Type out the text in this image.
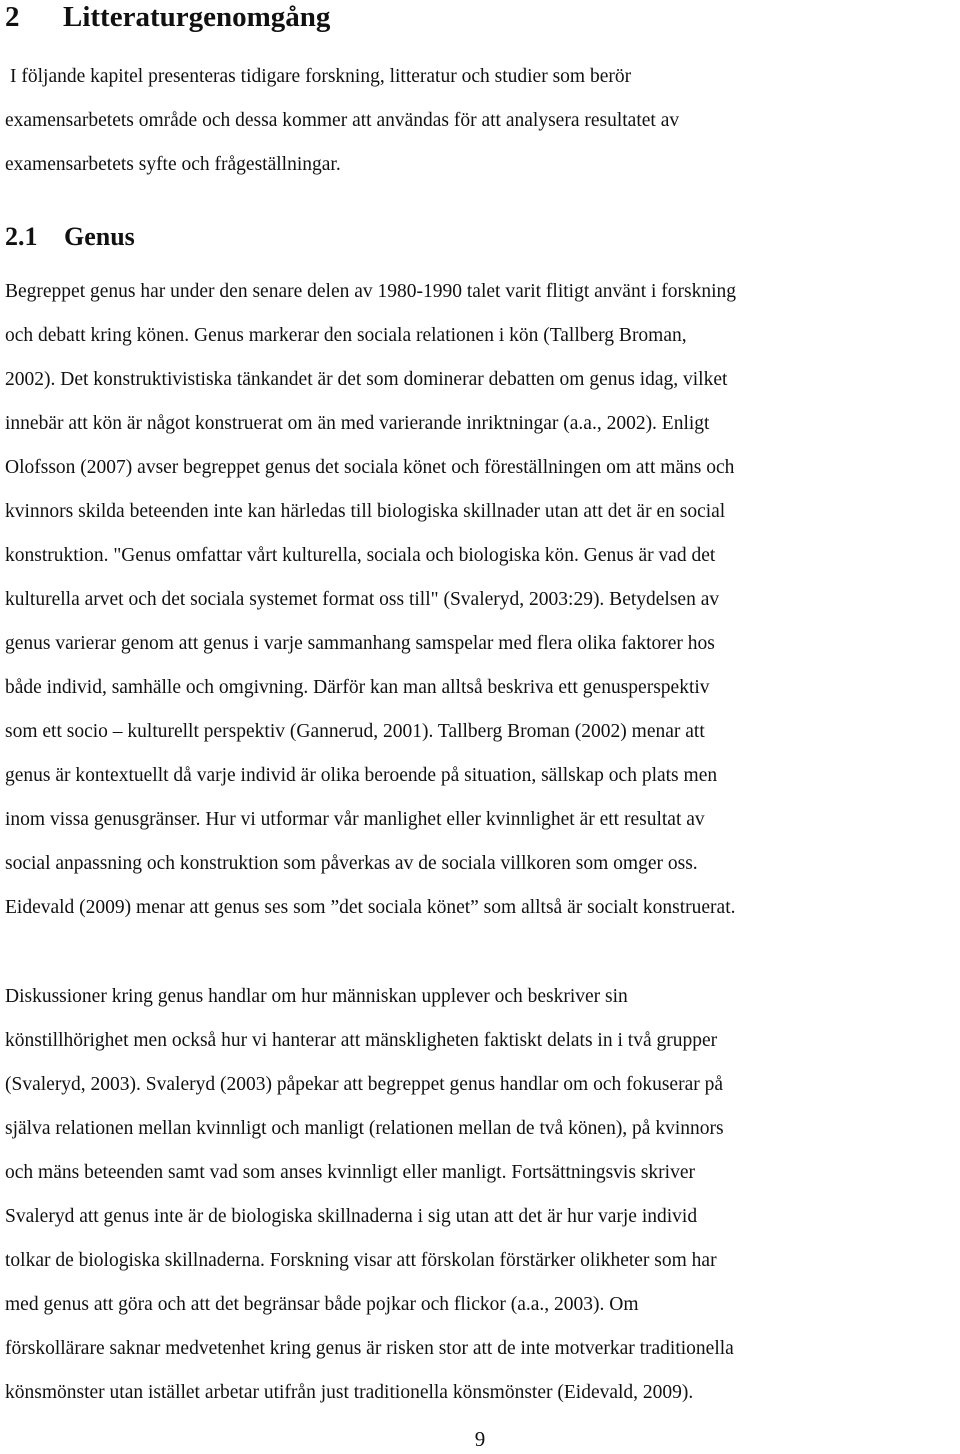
2 Litteraturgenomgång

I följande kapitel presenteras tidigare forskning, litteratur och studier som berör
examensarbetets område och dessa kommer att användas för att analysera resultatet av
examensarbetets syfte och frågeställningar.

2.1 Genus

Begreppet genus har under den senare delen av 1980-1990 talet varit flitigt använt i forskning
och debatt kring könen. Genus markerar den sociala relationen i kön (Tallberg Broman,
2002). Det konstruktivistiska tänkandet är det som dominerar debatten om genus idag, vilket
innebär att kön är något konstruerat om än med varierande inriktningar (a.a., 2002). Enligt
Olofsson (2007) avser begreppet genus det sociala könet och föreställningen om att mäns och
kvinnors skilda beteenden inte kan härledas till biologiska skillnader utan att det är en social
konstruktion. "Genus omfattar vårt kulturella, sociala och biologiska kön. Genus är vad det
kulturella arvet och det sociala systemet format oss till" (Svaleryd, 2003:29). Betydelsen av
genus varierar genom att genus i varje sammanhang samspelar med flera olika faktorer hos
både individ, samhälle och omgivning. Därför kan man alltså beskriva ett genusperspektiv
som ett socio – kulturellt perspektiv (Gannerud, 2001). Tallberg Broman (2002) menar att
genus är kontextuellt då varje individ är olika beroende på situation, sällskap och plats men
inom vissa genusgränser. Hur vi utformar vår manlighet eller kvinnlighet är ett resultat av
social anpassning och konstruktion som påverkas av de sociala villkoren som omger oss.
Eidevald (2009) menar att genus ses som ”det sociala könet” som alltså är socialt konstruerat.

Diskussioner kring genus handlar om hur människan upplever och beskriver sin
könstillhörighet men också hur vi hanterar att mänskligheten faktiskt delats in i två grupper
(Svaleryd, 2003). Svaleryd (2003) påpekar att begreppet genus handlar om och fokuserar på
själva relationen mellan kvinnligt och manligt (relationen mellan de två könen), på kvinnors
och mäns beteenden samt vad som anses kvinnligt eller manligt. Fortsättningsvis skriver
Svaleryd att genus inte är de biologiska skillnaderna i sig utan att det är hur varje individ
tolkar de biologiska skillnaderna. Forskning visar att förskolan förstärker olikheter som har
med genus att göra och att det begränsar både pojkar och flickor (a.a., 2003). Om
förskollärare saknar medvetenhet kring genus är risken stor att de inte motverkar traditionella
könsmönster utan istället arbetar utifrån just traditionella könsmönster (Eidevald, 2009).

9
